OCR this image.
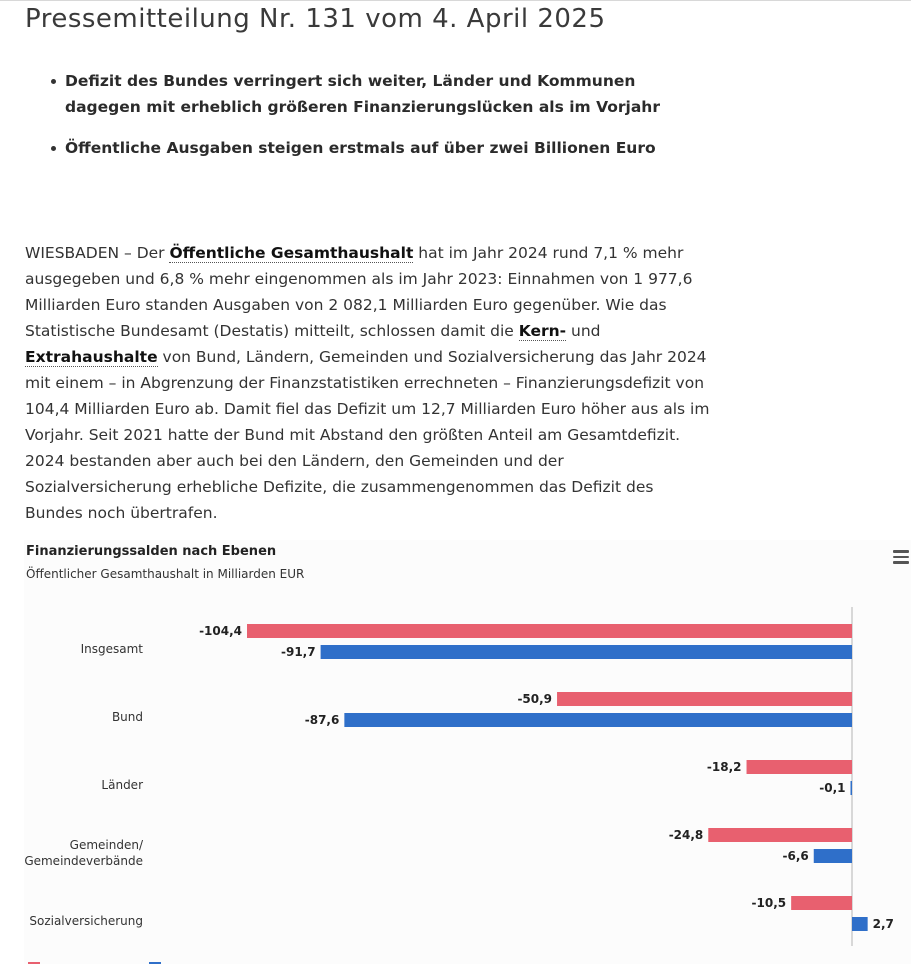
Pressemitteilung Nr. 131 vom 4. April 2025
Defizit des Bundes verringert sich weiter, Länder und Kommunen dagegen mit erheblich größeren Finanzierungslücken als im Vorjahr
Öffentliche Ausgaben steigen erstmals auf über zwei Billionen Euro

WIESBADEN – Der Öffentliche Gesamthaushalt hat im Jahr 2024 rund 7,1 % mehr ausgegeben und 6,8 % mehr eingenommen als im Jahr 2023: Einnahmen von 1 977,6 Milliarden Euro standen Ausgaben von 2 082,1 Milliarden Euro gegenüber. Wie das Statistische Bundesamt (Destatis) mitteilt, schlossen damit die Kern- und Extrahaushalte von Bund, Ländern, Gemeinden und Sozialversicherung das Jahr 2024 mit einem – in Abgrenzung der Finanzstatistiken errechneten – Finanzierungsdefizit von 104,4 Milliarden Euro ab. Damit fiel das Defizit um 12,7 Milliarden Euro höher aus als im Vorjahr. Seit 2021 hatte der Bund mit Abstand den größten Anteil am Gesamtdefizit. 2024 bestanden aber auch bei den Ländern, den Gemeinden und der Sozialversicherung erhebliche Defizite, die zusammengenommen das Defizit des Bundes noch übertrafen.

Finanzierungssalden nach Ebenen
Öffentlicher Gesamthaushalt in Milliarden EUR
Insgesamt
-104,4
-91,7
Bund
-50,9
-87,6
Länder
-18,2
-0,1
Gemeinden/
Gemeindeverbände
-24,8
-6,6
Sozialversicherung
-10,5
2,7
